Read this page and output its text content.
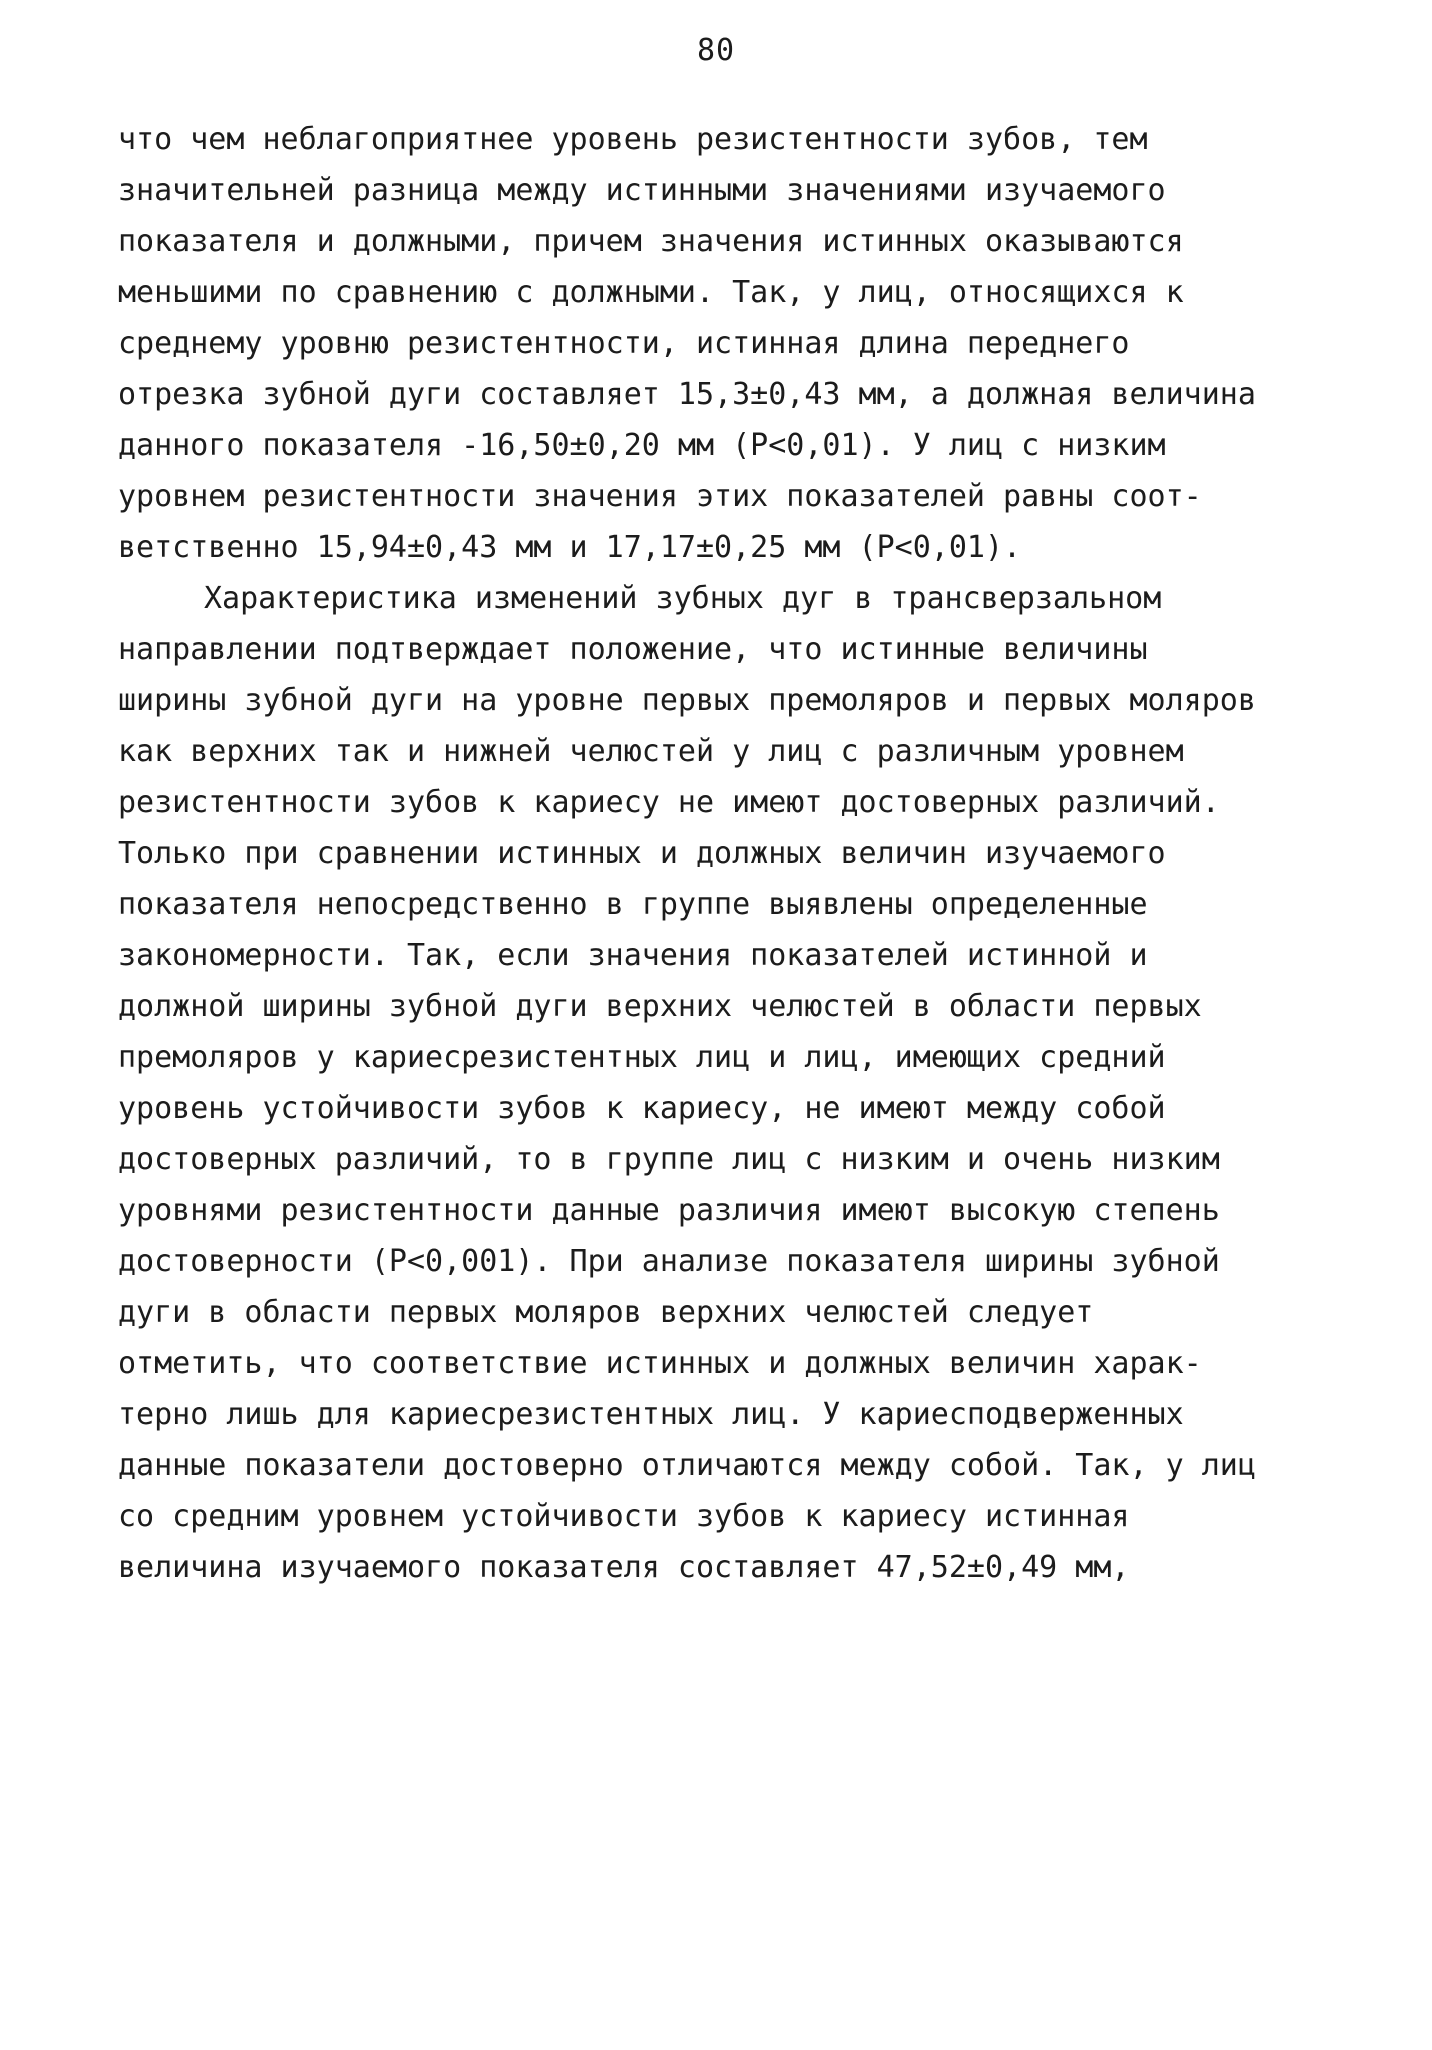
80
что чем неблагоприятнее уровень резистентности зубов, тем
значительней разница между истинными значениями изучаемого
показателя и должными, причем значения истинных оказываются
меньшими по сравнению с должными. Так, у лиц, относящихся к
среднему уровню резистентности, истинная длина переднего
отрезка зубной дуги составляет 15,3±0,43 мм, а должная величина
данного показателя -16,50±0,20 мм (Р<0,01). У лиц с низким
уровнем резистентности значения этих показателей равны соот-
ветственно 15,94±0,43 мм и 17,17±0,25 мм (Р<0,01).
Характеристика изменений зубных дуг в трансверзальном
направлении подтверждает положение, что истинные величины
ширины зубной дуги на уровне первых премоляров и первых моляров
как верхних так и нижней челюстей у лиц с различным уровнем
резистентности зубов к кариесу не имеют достоверных различий.
Только при сравнении истинных и должных величин изучаемого
показателя непосредственно в группе выявлены определенные
закономерности. Так, если значения показателей истинной и
должной ширины зубной дуги верхних челюстей в области первых
премоляров у кариесрезистентных лиц и лиц, имеющих средний
уровень устойчивости зубов к кариесу, не имеют между собой
достоверных различий, то в группе лиц с низким и очень низким
уровнями резистентности данные различия имеют высокую степень
достоверности (Р<0,001). При анализе показателя ширины зубной
дуги в области первых моляров верхних челюстей следует
отметить, что соответствие истинных и должных величин харак-
терно лишь для кариесрезистентных лиц. У кариесподверженных
данные показатели достоверно отличаются между собой. Так, у лиц
со средним уровнем устойчивости зубов к кариесу истинная
величина изучаемого показателя составляет 47,52±0,49 мм,
